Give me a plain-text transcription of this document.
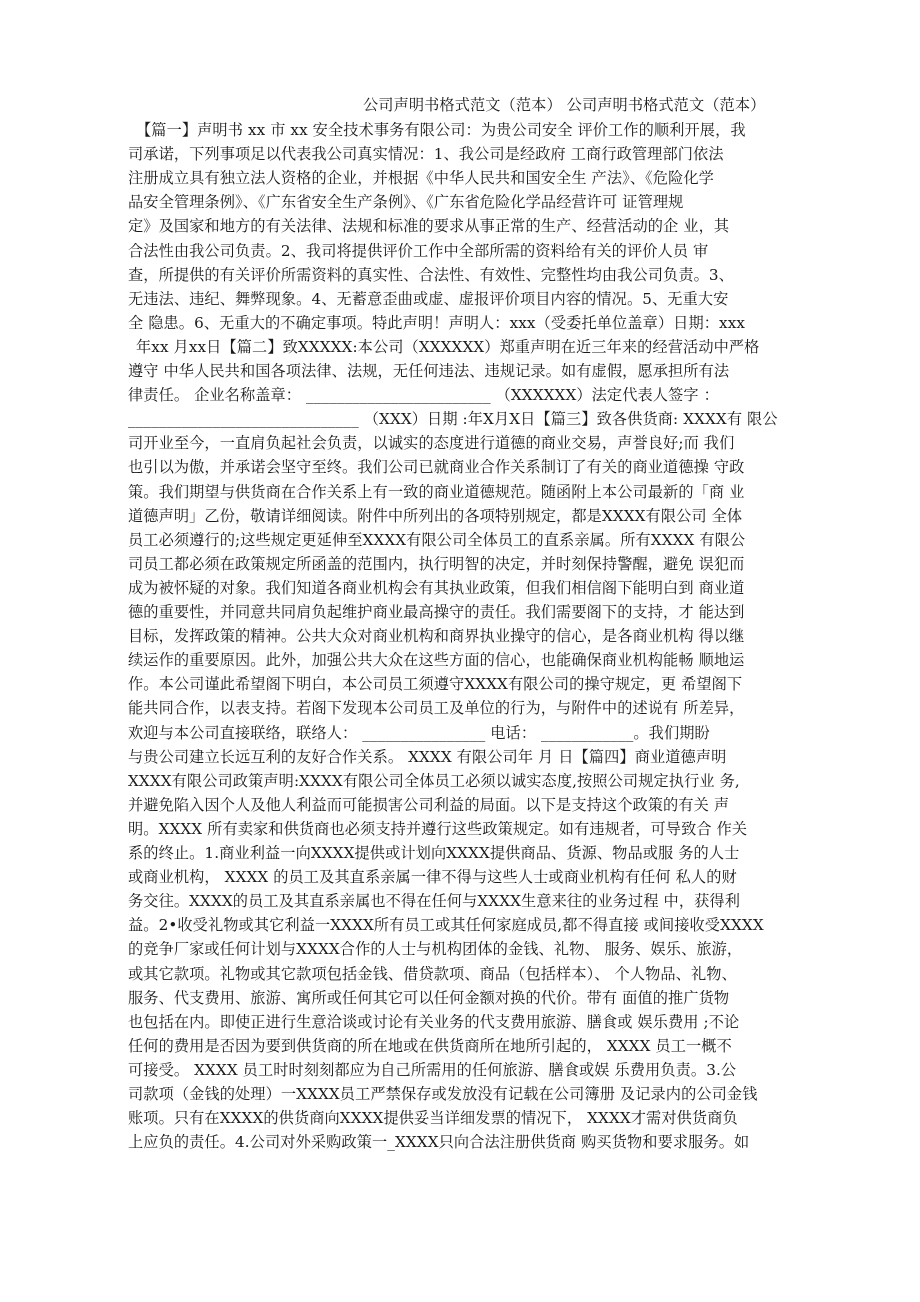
公司声明书格式范文（范本） 公司声明书格式范文（范本）
【篇一】声明书 xx 市 xx 安全技术事务有限公司：为贵公司安全 评价工作的顺利开展，我
司承诺，下列事项足以代表我公司真实情况：1、我公司是经政府 工商行政管理部门依法
注册成立具有独立法人资格的企业，并根据《中华人民共和国安全生 产法》、《危险化学
品安全管理条例》、《广东省安全生产条例》、《广东省危险化学品经营许可 证管理规
定》及国家和地方的有关法律、法规和标准的要求从事正常的生产、经营活动的企 业，其
合法性由我公司负责。2、我司将提供评价工作中全部所需的资料给有关的评价人员 审
查，所提供的有关评价所需资料的真实性、合法性、有效性、完整性均由我公司负责。3、
无违法、违纪、舞弊现象。4、无蓄意歪曲或虚、虚报评价项目内容的情况。5、无重大安
全 隐患。6、无重大的不确定事项。特此声明！声明人：xxx（受委托单位盖章）日期：xxx
年xx 月xx日【篇二】致XXXXX:本公司（XXXXXX）郑重声明在近三年来的经营活动中严格
遵守 中华人民共和国各项法律、法规，无任何违法、违规记录。如有虚假，愿承担所有法
律责任。 企业名称盖章： ________________________ （XXXXXX）法定代表人签字 ：
______________________________ （XXX）日期 :年X月X日【篇三】致各供货商: XXXX有 限公
司开业至今，一直肩负起社会负责，以诚实的态度进行道德的商业交易，声誉良好;而 我们
也引以为傲，并承诺会坚守至终。我们公司已就商业合作关系制订了有关的商业道德操 守政
策。我们期望与供货商在合作关系上有一致的商业道德规范。随函附上本公司最新的「商 业
道德声明」乙份，敬请详细阅读。附件中所列出的各项特别规定，都是XXXX有限公司 全体
员工必须遵行的;这些规定更延伸至XXXX有限公司全体员工的直系亲属。所有XXXX 有限公
司员工都必须在政策规定所函盖的范围内，执行明智的决定，并时刻保持警醒，避免 误犯而
成为被怀疑的对象。我们知道各商业机构会有其执业政策，但我们相信阁下能明白到 商业道
德的重要性，并同意共同肩负起维护商业最高操守的责任。我们需要阁下的支持，才 能达到
目标，发挥政策的精神。公共大众对商业机构和商界执业操守的信心，是各商业机构 得以继
续运作的重要原因。此外，加强公共大众在这些方面的信心，也能确保商业机构能畅 顺地运
作。本公司谨此希望阁下明白，本公司员工须遵守XXXX有限公司的操守规定，更 希望阁下
能共同合作，以表支持。若阁下发现本公司员工及单位的行为，与附件中的述说有 所差异，
欢迎与本公司直接联络，联络人： ________________ 电话： ____________。我们期盼
与贵公司建立长远互利的友好合作关系。 XXXX 有限公司年 月 日【篇四】商业道德声明
XXXX有限公司政策声明:XXXX有限公司全体员工必须以诚实态度,按照公司规定执行业 务,
并避免陷入因个人及他人利益而可能损害公司利益的局面。以下是支持这个政策的有关 声
明。XXXX 所有卖家和供货商也必须支持并遵行这些政策规定。如有违规者，可导致合 作关
系的终止。1.商业利益一向XXXX提供或计划向XXXX提供商品、货源、物品或服 务的人士
或商业机构， XXXX 的员工及其直系亲属一律不得与这些人士或商业机构有任何 私人的财
务交往。XXXX的员工及其直系亲属也不得在任何与XXXX生意来往的业务过程 中，获得利
益。2•收受礼物或其它利益一XXXX所有员工或其任何家庭成员,都不得直接 或间接收受XXXX
的竞争厂家或任何计划与XXXX合作的人士与机构团体的金钱、礼物、 服务、娱乐、旅游，
或其它款项。礼物或其它款项包括金钱、借贷款项、商品（包括样本）、 个人物品、礼物、
服务、代支费用、旅游、寓所或任何其它可以任何金额对换的代价。带有 面值的推广货物
也包括在内。即使正进行生意洽谈或讨论有关业务的代支费用旅游、膳食或 娱乐费用 ;不论
任何的费用是否因为要到供货商的所在地或在供货商所在地所引起的， XXXX 员工一概不
可接受。 XXXX 员工时时刻刻都应为自己所需用的任何旅游、膳食或娱 乐费用负责。3.公
司款项（金钱的处理）一XXXX员工严禁保存或发放没有记载在公司簿册 及记录内的公司金钱
账项。只有在XXXX的供货商向XXXX提供妥当详细发票的情况下， XXXX才需对供货商负
上应负的责任。4.公司对外采购政策一_XXXX只向合法注册供货商 购买货物和要求服务。如
